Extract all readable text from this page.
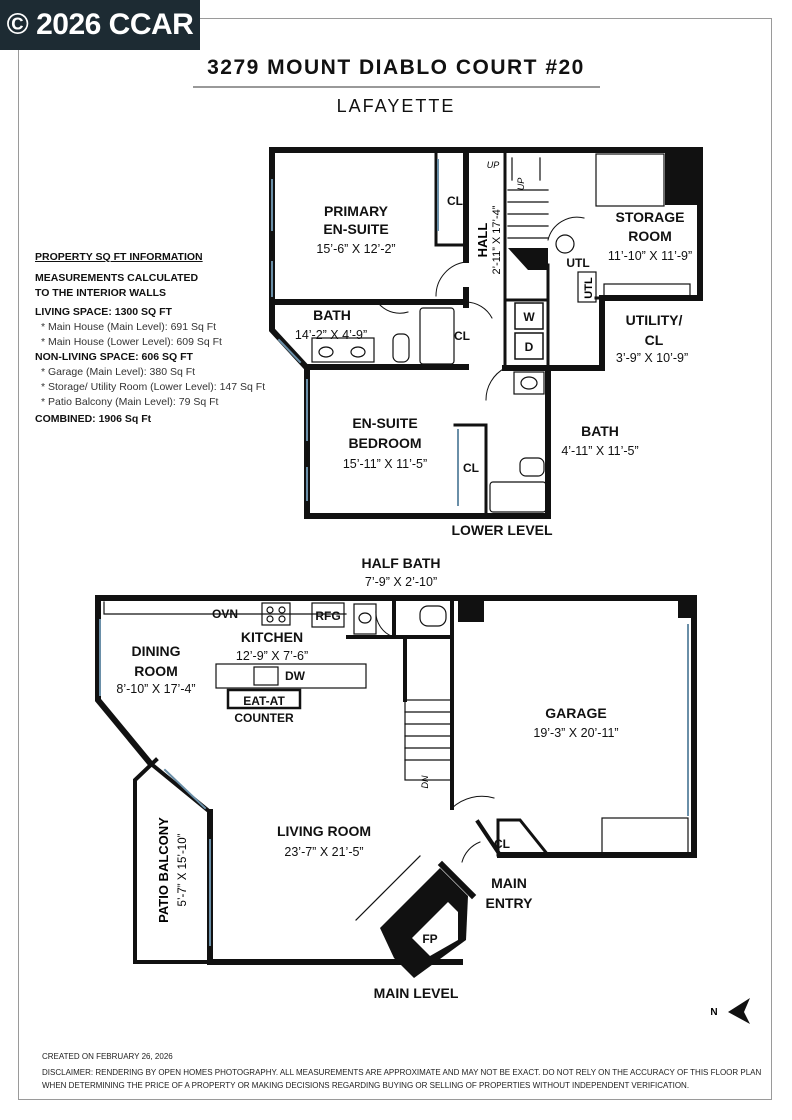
© 2026 CCAR
3279 MOUNT DIABLO COURT #20
LAFAYETTE
PROPERTY SQ FT INFORMATION
MEASUREMENTS CALCULATED
TO THE INTERIOR WALLS
LIVING SPACE: 1300 SQ FT
* Main House (Main Level): 691 Sq Ft
* Main House (Lower Level): 609 Sq Ft
NON-LIVING SPACE: 606 SQ FT
* Garage (Main Level): 380 Sq Ft
* Storage/ Utility Room (Lower Level): 147 Sq Ft
* Patio Balcony (Main Level): 79 Sq Ft
COMBINED: 1906 Sq Ft
PRIMARY
EN-SUITE
STORAGE
ROOM
BATH	UTILITY/
CL
EN-SUITE
BEDROOM
BATH
LOWER LEVEL
15’-6” X 12’-2”	11’-10” X 11’-9”
14’-2” X 4’-9”
3’-9” X 10’-9”
15’-11” X 11’-5”
4’-11” X 11’-5”
HALL 2’-11” X 17’-4”
CL
CL
CL
UTL
W
D
UTL
UP
UP
HALF BATH
DINING
ROOM
KITCHEN
GARAGE
LIVING ROOM
MAIN
ENTRY
MAIN LEVEL
7’-9” X 2’-10”
8’-10” X 17’-4”
12’-9” X 7’-6”
19’-3” X 20’-11”
23’-7” X 21’-5”
EAT-AT
COUNTER
OVN	RFG
DW
CL
FP
PATIO BALCONY 5’-7” X 15’-10”
DN
N
CREATED ON FEBRUARY 26, 2026
DISCLAIMER: RENDERING BY OPEN HOMES PHOTOGRAPHY. ALL MEASUREMENTS ARE APPROXIMATE AND MAY NOT BE EXACT. DO NOT RELY ON THE ACCURACY OF THIS FLOOR PLAN
WHEN DETERMINING THE PRICE OF A PROPERTY OR MAKING DECISIONS REGARDING BUYING OR SELLING OF PROPERTIES WITHOUT INDEPENDENT VERIFICATION.
